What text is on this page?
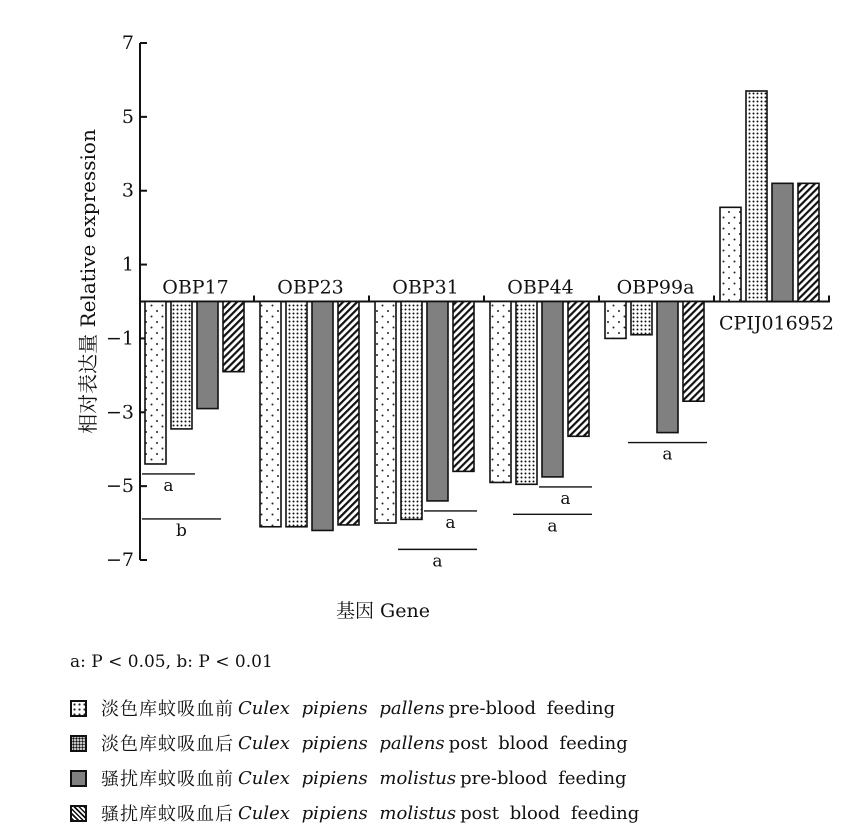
−7
−5
−3
−1
1
3
5
7
a
b	a
a
a
a
a
相对表达量 Relative expression	OBP17	OBP23	OBP31	OBP44 OBP99a
CPIJ016952
基因 Gene
a: P < 0.05, b: P < 0.01
淡色库蚊吸血前 Culex pipiens pallens pre-blood feeding
淡色库蚊吸血后 Culex pipiens pallens post blood feeding
骚扰库蚊吸血前 Culex pipiens molistus pre-blood feeding
骚扰库蚊吸血后 Culex pipiens molistus post blood feeding
